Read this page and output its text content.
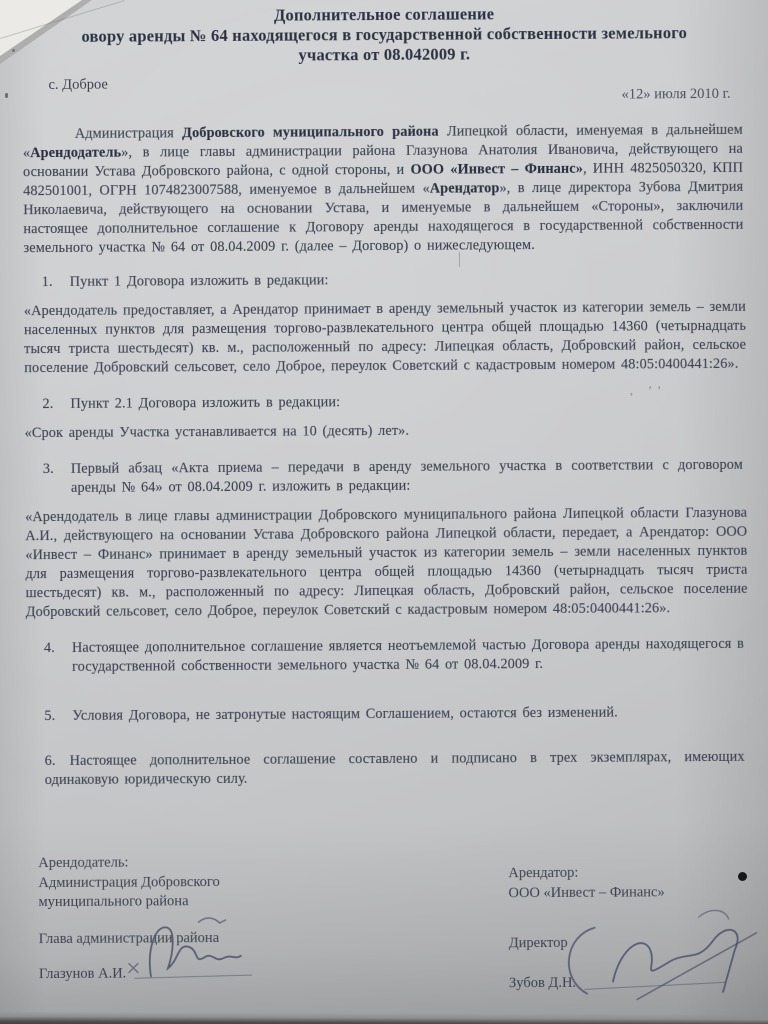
Дополнительное соглашение
овору аренды № 64 находящегося в государственной собственности земельного
участка от 08.042009 г.
с. Доброе
«12» июля 2010 г.

Администрация Добровского муниципального района Липецкой области, именуемая в дальнейшем «Арендодатель», в лице главы администрации района Глазунова Анатолия Ивановича, действующего на основании Устава Добровского района, с одной стороны, и ООО «Инвест – Финанс», ИНН 4825050320, КПП 482501001, ОГРН 1074823007588, именуемое в дальнейшем «Арендатор», в лице директора Зубова Дмитрия Николаевича, действующего на основании Устава, и именуемые в дальнейшем «Стороны», заключили настоящее дополнительное соглашение к Договору аренды находящегося в государственной собственности земельного участка № 64 от 08.04.2009 г. (далее – Договор) о нижеследующем.

1.	Пункт 1 Договора изложить в редакции:

«Арендодатель предоставляет, а Арендатор принимает в аренду земельный участок из категории земель – земли населенных пунктов для размещения торгово-развлекательного центра общей площадью 14360 (четырнадцать тысяч триста шестьдесят) кв. м., расположенный по адресу: Липецкая область, Добровский район, сельское поселение Добровский сельсовет, село Доброе, переулок Советский с кадастровым номером 48:05:0400441:26».

2.	Пункт 2.1 Договора изложить в редакции:

«Срок аренды Участка устанавливается на 10 (десять) лет».

3.	Первый абзац «Акта приема – передачи в аренду земельного участка в соответствии с договором аренды № 64» от 08.04.2009 г. изложить в редакции:

«Арендодатель в лице главы администрации Добровского муниципального района Липецкой области Глазунова А.И., действующего на основании Устава Добровского района Липецкой области, передает, а Арендатор: ООО «Инвест – Финанс» принимает в аренду земельный участок из категории земель – земли населенных пунктов для размещения торгово-развлекательного центра общей площадью 14360 (четырнадцать тысяч триста шестьдесят) кв. м., расположенный по адресу: Липецкая область, Добровский район, сельское поселение Добровский сельсовет, село Доброе, переулок Советский с кадастровым номером 48:05:0400441:26».

4.	Настоящее дополнительное соглашение является неотъемлемой частью Договора аренды находящегося в государственной собственности земельного участка № 64 от 08.04.2009 г.
5.	Условия Договора, не затронутые настоящим Соглашением, остаются без изменений.
6. Настоящее дополнительное соглашение составлено и подписано в трех экземплярах, имеющих одинаковую юридическую силу.
Арендодатель:
Администрация Добровского
муниципального района
Глава администрации района
Глазунов А.И.
Арендатор:
ООО «Инвест – Финанс»
Директор
Зубов Д.Н.
, ’’
